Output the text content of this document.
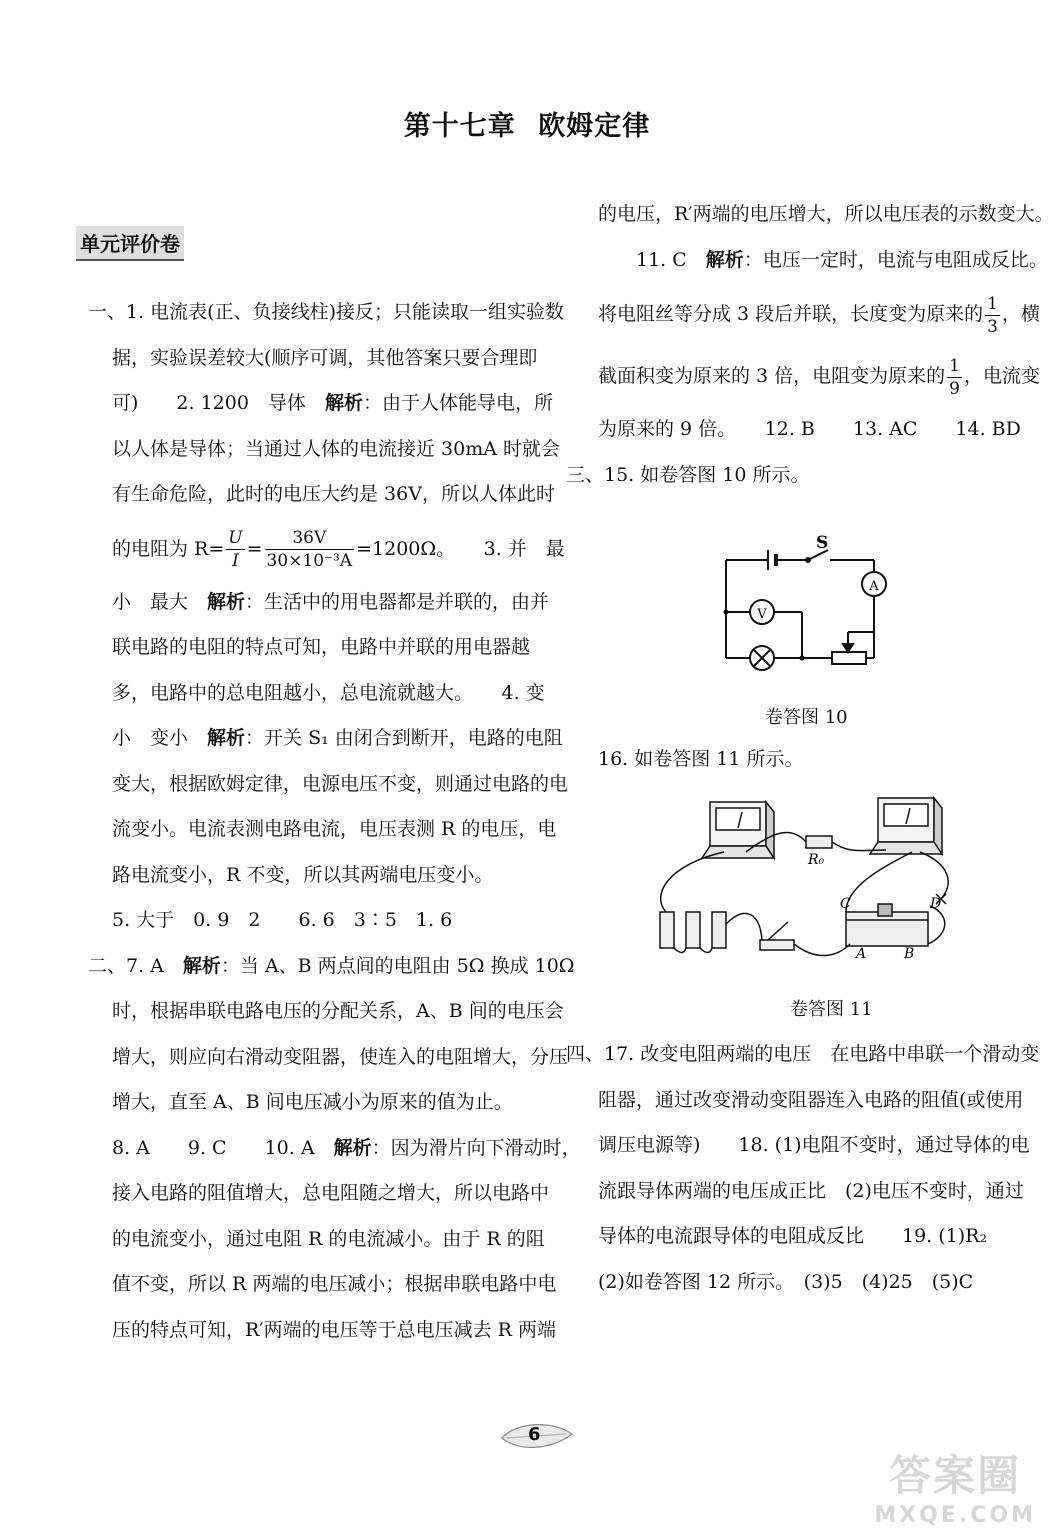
第十七章 欧姆定律
单元评价卷
一、1. 电流表(正、负接线柱)接反；只能读取一组实验数
据，实验误差较大(顺序可调，其他答案只要合理即
可)　　2. 1200　导体　解析：由于人体能导电，所
以人体是导体；当通过人体的电流接近 30mA 时就会
有生命危险，此时的电压大约是 36V，所以人体此时
的电阻为 $R= \frac{U}{I} = \frac{36V}{\text{30×10⁻³A}} =1200\Omega$。　　3. 并　最
小　最大　解析：生活中的用电器都是并联的，由并
联电路的电阻的特点可知，电路中并联的用电器越
多，电路中的总电阻越小，总电流就越大。　　4. 变
小　变小　解析：开关 S₁ 由闭合到断开，电路的电阻
变大，根据欧姆定律，电源电压不变，则通过电路的电
流变小。电流表测电路电流，电压表测 R 的电压，电
路电流变小，R 不变，所以其两端电压变小。
5. 大于　0. 9　2　　6. 6　3∶5　1. 6
二、7. A　解析：当 A、B 两点间的电阻由 5Ω 换成 10Ω
时，根据串联电路电压的分配关系，A、B 间的电压会
增大，则应向右滑动变阻器，使连入的电阻增大，分压
增大，直至 A、B 间电压减小为原来的值为止。
8. A　　9. C　　10. A　解析：因为滑片向下滑动时，
接入电路的阻值增大，总电阻随之增大，所以电路中
的电流变小，通过电阻 R 的电流减小。由于 R 的阻
值不变，所以 R 两端的电压减小；根据串联电路中电
压的特点可知，R′两端的电压等于总电压减去 R 两端
的电压，R′两端的电压增大，所以电压表的示数变大。
11. C　解析：电压一定时，电流与电阻成反比。
将电阻丝等分成 3 段后并联，长度变为原来的 $\frac{1}{3}$ ，横
截面积变为原来的 3 倍，电阻变为原来的 $\frac{1}{9}$ ，电流变
为原来的 9 倍。　　12. B　　13. AC　　14. BD
三、15. 如卷答图 10 所示。
S
A
V
卷答图 10
16. 如卷答图 11 所示。
R₀
C	D
A	B
卷答图 11
四、17. 改变电阻两端的电压　在电路中串联一个滑动变
阻器，通过改变滑动变阻器连入电路的阻值(或使用
调压电源等)　　18. (1)电阻不变时，通过导体的电
流跟导体两端的电压成正比　(2)电压不变时，通过
导体的电流跟导体的电阻成反比　　19. (1)R₂
(2)如卷答图 12 所示。　(3)5　(4)25　(5)C
6
答案圈
MXQE.COM
